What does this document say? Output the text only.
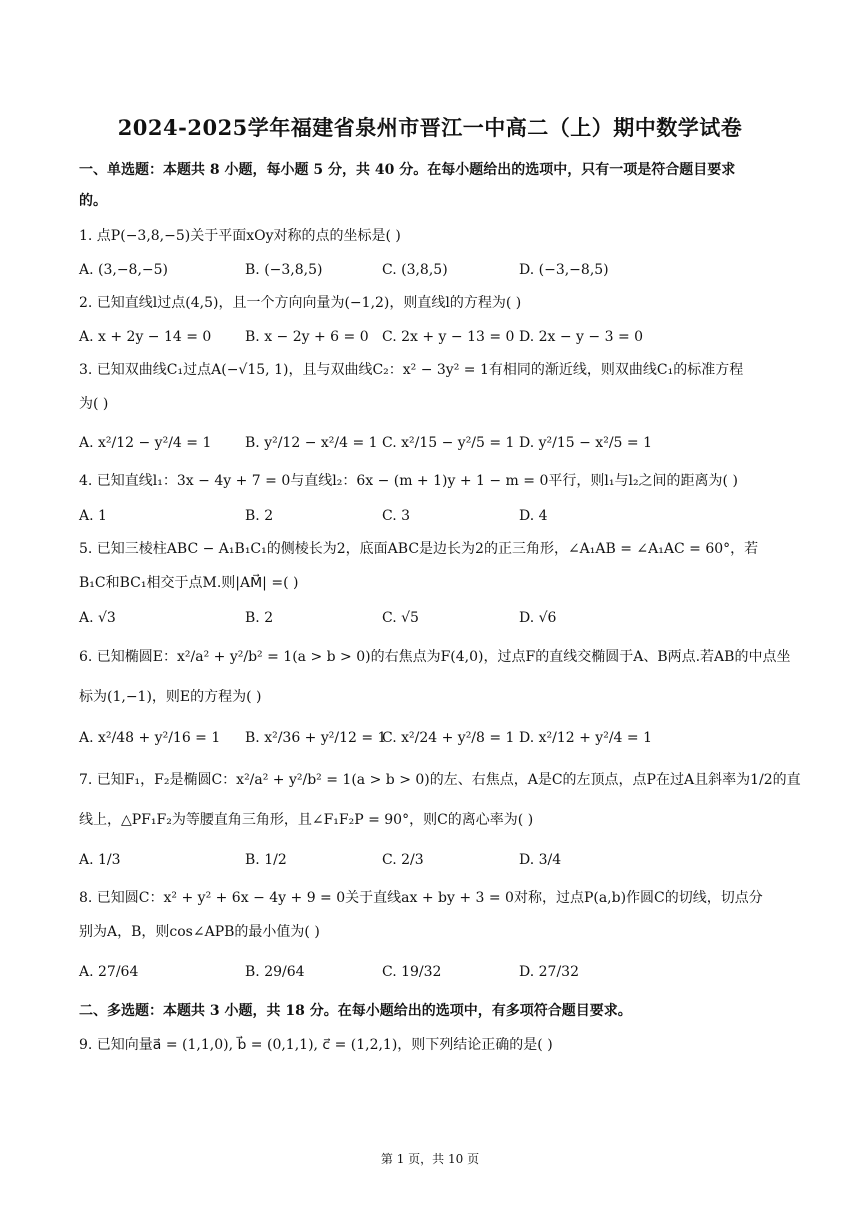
2024-2025学年福建省泉州市晋江一中高二（上）期中数学试卷
一、单选题：本题共 8 小题，每小题 5 分，共 40 分。在每小题给出的选项中，只有一项是符合题目要求
的。
1. 点P(−3,8,−5)关于平面xOy对称的点的坐标是( )
A. (3,−8,−5)	B. (−3,8,5)	C. (3,8,5)	D. (−3,−8,5)
2. 已知直线l过点(4,5)，且一个方向向量为(−1,2)，则直线l的方程为( )
A. x + 2y − 14 = 0 B. x − 2y + 6 = 0 C. 2x + y − 13 = 0 D. 2x − y − 3 = 0
3. 已知双曲线C₁过点A(−√15, 1)，且与双曲线C₂：x² − 3y² = 1有相同的渐近线，则双曲线C₁的标准方程
为( )
A. x²/12 − y²/4 = 1 B. y²/12 − x²/4 = 1 C. x²/15 − y²/5 = 1 D. y²/15 − x²/5 = 1
4. 已知直线l₁：3x − 4y + 7 = 0与直线l₂：6x − (m + 1)y + 1 − m = 0平行，则l₁与l₂之间的距离为( )
A. 1	B. 2	C. 3	D. 4
5. 已知三棱柱ABC − A₁B₁C₁的侧棱长为2，底面ABC是边长为2的正三角形，∠A₁AB = ∠A₁AC = 60°，若
B₁C和BC₁相交于点M.则|AM⃗| =( )
A. √3	B. 2	C. √5	D. √6
6. 已知椭圆E：x²/a² + y²/b² = 1(a > b > 0)的右焦点为F(4,0)，过点F的直线交椭圆于A、B两点.若AB的中点坐
标为(1,−1)，则E的方程为( )
A. x²/48 + y²/16 = 1 B. x²/36 + y²/12 = 1
C. x²/24 + y²/8 = 1 D. x²/12 + y²/4 = 1
7. 已知F₁，F₂是椭圆C：x²/a² + y²/b² = 1(a > b > 0)的左、右焦点，A是C的左顶点，点P在过A且斜率为1/2的直
线上，△PF₁F₂为等腰直角三角形，且∠F₁F₂P = 90°，则C的离心率为( )
A. 1/3	B. 1/2	C. 2/3	D. 3/4
8. 已知圆C：x² + y² + 6x − 4y + 9 = 0关于直线ax + by + 3 = 0对称，过点P(a,b)作圆C的切线，切点分
别为A，B，则cos∠APB的最小值为( )
A. 27/64	B. 29/64	C. 19/32	D. 27/32
二、多选题：本题共 3 小题，共 18 分。在每小题给出的选项中，有多项符合题目要求。
9. 已知向量a⃗ = (1,1,0), b⃗ = (0,1,1), c⃗ = (1,2,1)，则下列结论正确的是( )
第 1 页，共 10 页
